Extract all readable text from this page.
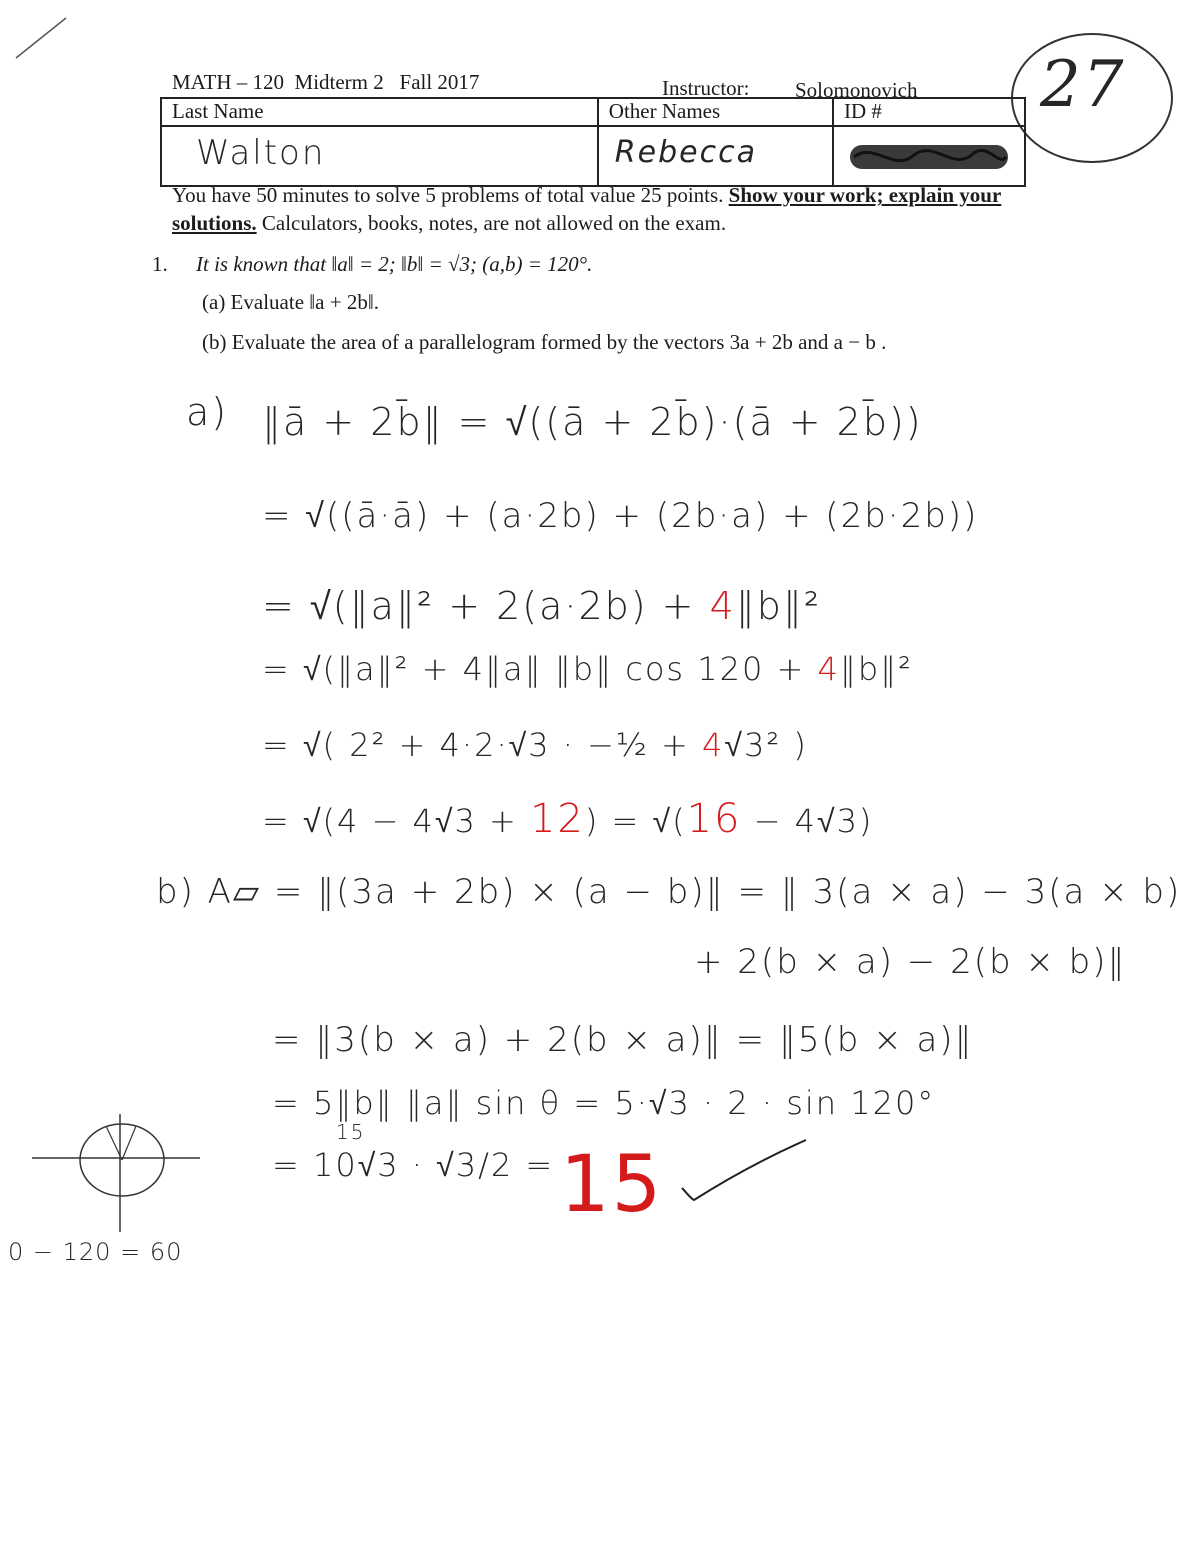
MATH – 120 Midterm 2 Fall 2017	Instructor: Solomonovich 27
Last Name	Other Names	ID #
Walton	Rebecca	
You have 50 minutes to solve 5 problems of total value 25 points. Show your work; explain your solutions. Calculators, books, notes, are not allowed on the exam.
1. It is known that ‖a‖ = 2; ‖b‖ = √3; (a,b) = 120°.
(a) Evaluate ‖a + 2b‖.
(b) Evaluate the area of a parallelogram formed by the vectors 3a + 2b and a − b .
a) ‖ā + 2b̄‖ = √((ā + 2b̄)·(ā + 2b̄))
= √((ā·ā) + (a·2b) + (2b·a) + (2b·2b))
= √(‖a‖² + 2(a·2b) + 4‖b‖²
= √(‖a‖² + 4‖a‖ ‖b‖ cos 120 + 4‖b‖²
= √( 2² + 4·2·√3 · −½ + 4√3² )
= √(4 − 4√3 + 12) = √(16 − 4√3)
b) A▱ = ‖(3a + 2b) × (a − b)‖ = ‖ 3(a × a) − 3(a × b)
+ 2(b × a) − 2(b × b)‖
= ‖3(b × a) + 2(b × a)‖ = ‖5(b × a)‖
= 5‖b‖ ‖a‖ sin θ = 5·√3 · 2 · sin 120°
15
= 10√3 · √3/2 = 15
0 − 120 = 60
